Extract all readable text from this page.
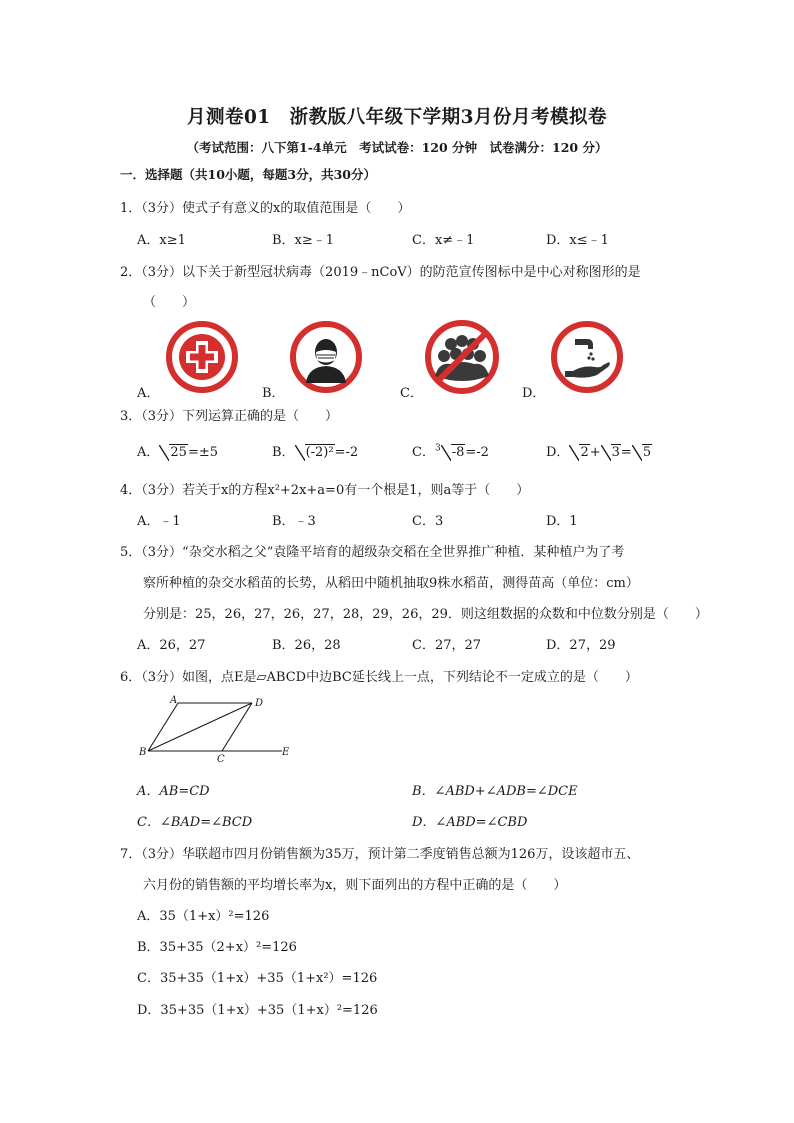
月测卷01　浙教版八年级下学期3月份月考模拟卷
（考试范围：八下第1-4单元　考试试卷：120 分钟　试卷满分：120 分）
一．选择题（共10小题，每题3分，共30分）
1．（3分）使式子有意义的x的取值范围是（　　）
A．x≥1	B．x≥﹣1	C．x≠﹣1	D．x≤﹣1
2．（3分）以下关于新型冠状病毒（2019﹣nCoV）的防范宣传图标中是中心对称图形的是
（　　）
A．	B．	C．	D．
3．（3分）下列运算正确的是（　　）
A． 25=±5	B． (-2)²=-2	C．$^3$ -8=-2	D． 2+ 3= 5
4．（3分）若关于x的方程x²+2x+a=0有一个根是1，则a等于（　　）
A．﹣1	B．﹣3	C．3	D．1
5．（3分）“杂交水稻之父”袁隆平培育的超级杂交稻在全世界推广种植．某种植户为了考
察所种植的杂交水稻苗的长势，从稻田中随机抽取9株水稻苗，测得苗高（单位：cm）
分别是：25，26，27，26，27，28，29，26，29．则这组数据的众数和中位数分别是（　　）
A．26，27	B．26，28	C．27，27	D．27，29
6．（3分）如图，点E是▱ABCD中边BC延长线上一点，下列结论不一定成立的是（　　）
A	D
B
C
E
A．AB=CD	B．∠ABD+∠ADB=∠DCE
C．∠BAD=∠BCD	D．∠ABD=∠CBD
7．（3分）华联超市四月份销售额为35万，预计第二季度销售总额为126万，设该超市五、
六月份的销售额的平均增长率为x，则下面列出的方程中正确的是（　　）
A．35（1+x）²=126
B．35+35（2+x）²=126
C．35+35（1+x）+35（1+x²）=126
D．35+35（1+x）+35（1+x）²=126
